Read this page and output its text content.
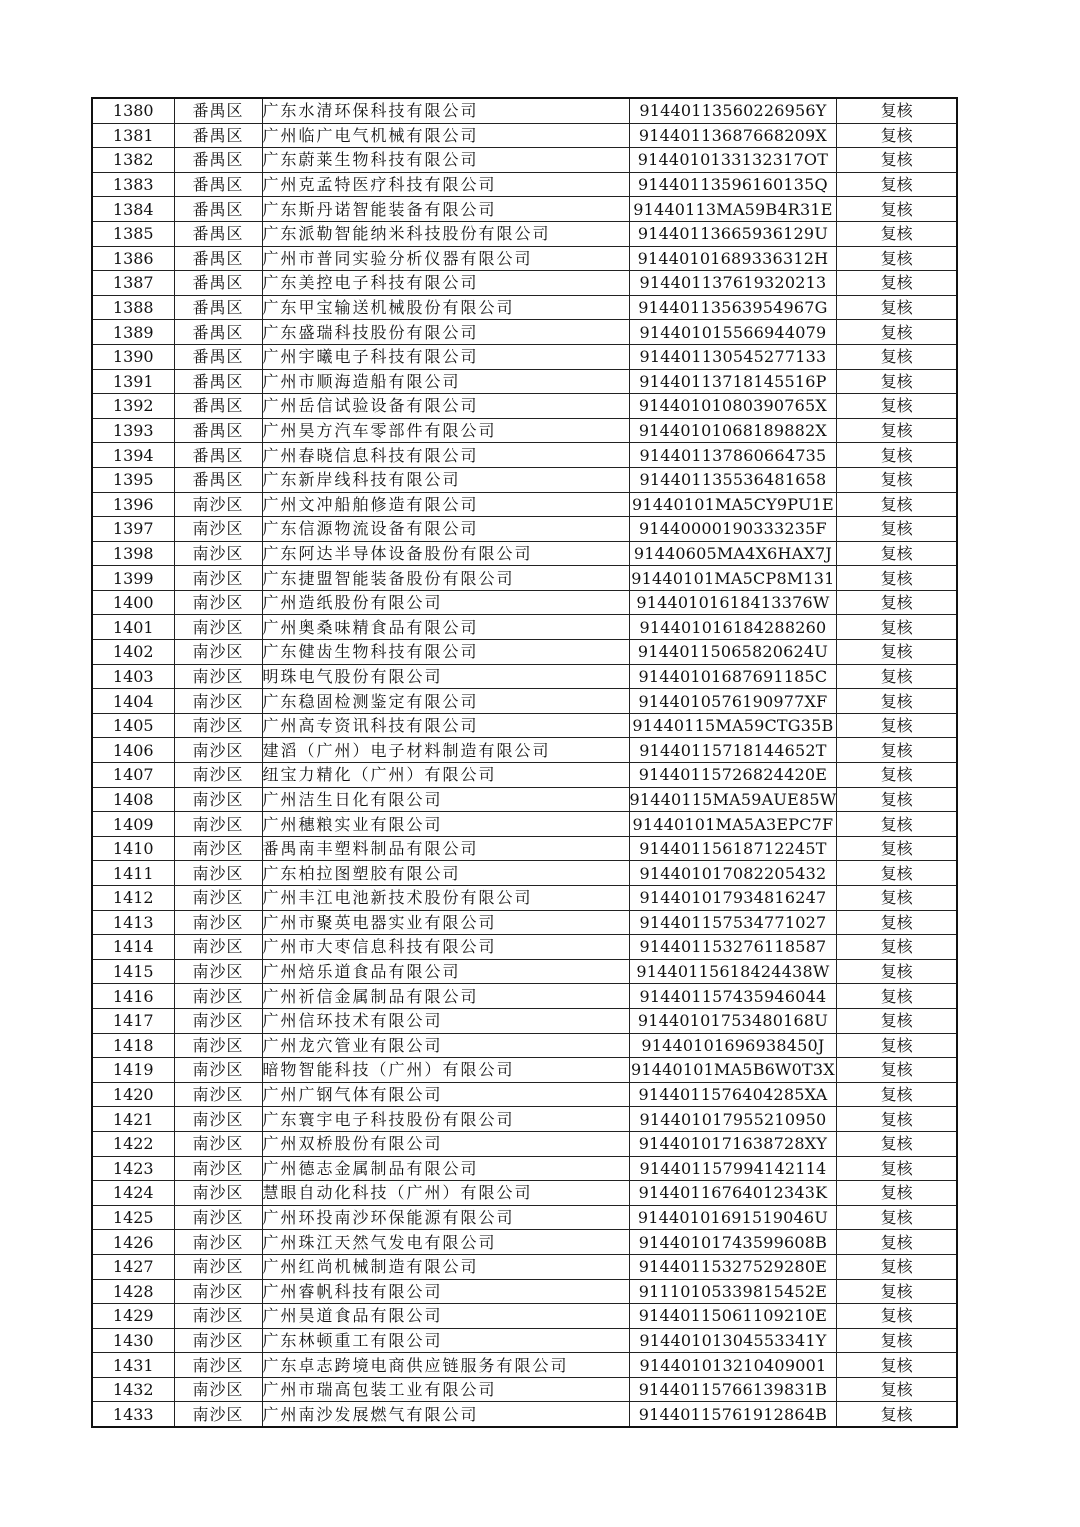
1380	番禺区	广东水清环保科技有限公司	91440113560226956Y	复核
1381	番禺区	广州临广电气机械有限公司	91440113687668209X	复核
1382	番禺区	广东蔚莱生物科技有限公司	9144010133132317OT	复核
1383	番禺区	广州克孟特医疗科技有限公司	91440113596160135Q	复核
1384	番禺区	广东斯丹诺智能装备有限公司	91440113MA59B4R31E	复核
1385	番禺区	广东派勒智能纳米科技股份有限公司	91440113665936129U	复核
1386	番禺区	广州市普同实验分析仪器有限公司	91440101689336312H	复核
1387	番禺区	广东美控电子科技有限公司	914401137619320213	复核
1388	番禺区	广东甲宝输送机械股份有限公司	91440113563954967G	复核
1389	番禺区	广东盛瑞科技股份有限公司	914401015566944079	复核
1390	番禺区	广州宇曦电子科技有限公司	914401130545277133	复核
1391	番禺区	广州市顺海造船有限公司	91440113718145516P	复核
1392	番禺区	广州岳信试验设备有限公司	91440101080390765X	复核
1393	番禺区	广州昊方汽车零部件有限公司	91440101068189882X	复核
1394	番禺区	广州春晓信息科技有限公司	914401137860664735	复核
1395	番禺区	广东新岸线科技有限公司	914401135536481658	复核
1396	南沙区	广州文冲船舶修造有限公司	91440101MA5CY9PU1E	复核
1397	南沙区	广东信源物流设备有限公司	91440000190333235F	复核
1398	南沙区	广东阿达半导体设备股份有限公司	91440605MA4X6HAX7J	复核
1399	南沙区	广东捷盟智能装备股份有限公司	91440101MA5CP8M131	复核
1400	南沙区	广州造纸股份有限公司	91440101618413376W	复核
1401	南沙区	广州奥桑味精食品有限公司	914401016184288260	复核
1402	南沙区	广东健齿生物科技有限公司	91440115065820624U	复核
1403	南沙区	明珠电气股份有限公司	91440101687691185C	复核
1404	南沙区	广东稳固检测鉴定有限公司	9144010576190977XF	复核
1405	南沙区	广州高专资讯科技有限公司	91440115MA59CTG35B	复核
1406	南沙区	建滔（广州）电子材料制造有限公司	91440115718144652T	复核
1407	南沙区	纽宝力精化（广州）有限公司	91440115726824420E	复核
1408	南沙区	广州洁生日化有限公司	91440115MA59AUE85W	复核
1409	南沙区	广州穗粮实业有限公司	91440101MA5A3EPC7F	复核
1410	南沙区	番禺南丰塑料制品有限公司	91440115618712245T	复核
1411	南沙区	广东柏拉图塑胶有限公司	914401017082205432	复核
1412	南沙区	广州丰江电池新技术股份有限公司	914401017934816247	复核
1413	南沙区	广州市聚英电器实业有限公司	914401157534771027	复核
1414	南沙区	广州市大枣信息科技有限公司	914401153276118587	复核
1415	南沙区	广州焙乐道食品有限公司	91440115618424438W	复核
1416	南沙区	广州祈信金属制品有限公司	914401157435946044	复核
1417	南沙区	广州信环技术有限公司	91440101753480168U	复核
1418	南沙区	广州龙穴管业有限公司	91440101696938450J	复核
1419	南沙区	暗物智能科技（广州）有限公司	91440101MA5B6W0T3X	复核
1420	南沙区	广州广钢气体有限公司	9144011576404285XA	复核
1421	南沙区	广东寰宇电子科技股份有限公司	914401017955210950	复核
1422	南沙区	广州双桥股份有限公司	9144010171638728XY	复核
1423	南沙区	广州德志金属制品有限公司	914401157994142114	复核
1424	南沙区	慧眼自动化科技（广州）有限公司	91440116764012343K	复核
1425	南沙区	广州环投南沙环保能源有限公司	91440101691519046U	复核
1426	南沙区	广州珠江天然气发电有限公司	91440101743599608B	复核
1427	南沙区	广州红尚机械制造有限公司	91440115327529280E	复核
1428	南沙区	广州睿帆科技有限公司	91110105339815452E	复核
1429	南沙区	广州昊道食品有限公司	91440115061109210E	复核
1430	南沙区	广东林顿重工有限公司	91440101304553341Y	复核
1431	南沙区	广东卓志跨境电商供应链服务有限公司	914401013210409001	复核
1432	南沙区	广州市瑞高包装工业有限公司	91440115766139831B	复核
1433	南沙区	广州南沙发展燃气有限公司	91440115761912864B	复核
